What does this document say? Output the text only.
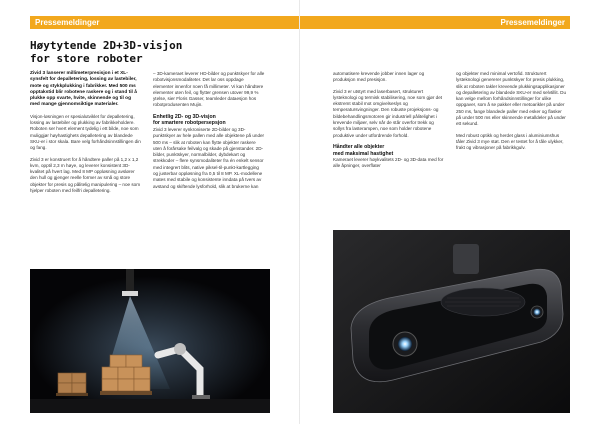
Pressemeldinger
Høytytende 2D+3D-visjon
for store roboter

Zivid 3 lanserer millimeterpresisjon i et XL-synsfelt for depalletering, lossing av lastebiler, mote og stykkplukking i fabrikker. Med 500 ms opptakstid blir robotene raskere og i stand til å plukke opp svarte, hvite, skinnende og til og med mange gjennomsiktige materialer.

Visjon-løsningen er spesialutviklet for depalletering, lossing av lastebiler og plukking av fabrikkeholdere. Roboten ser hvert element tydelig i ett bilde, noe som muliggjør høyhastighets depalletering av blandede SKU-er i stor skala. Bare velg forhåndsinnstillingen din og fang.

Zivid 3 er konstruert for å håndtere paller på 1,2 x 1,2 kvm, opptil 2,3 m høye, og leverer konsistent 3D-kvalitet på hvert lag. Med 8 MP oppløsning avslører den hull og gjenger reelle former av små og store objekter for presis og pålitelig manipulering – noe som hjelper roboten med feilfri depalletering.

– 3D-kameraet leverer HD-bilder og punktskyer for alle robotvisjonsmodaliteter. Det lar oss oppdage elementer innenfor noen få millimeter. Vi kan håndtere elementer uten feil, og flytter grensen utover 99,9 % ytelse, sier Floris Gasser, teamleder dataesjon hos robotprodusenten Mujin.

Enhetlig 2D- og 3D-visjon
for smartere robotpersepsjon

Zivid 3 leverer synkroniserte 2D-bilder og 3D-punktskyer av hele pallen med alle objektene på under 500 ms – slik at roboten kan flytte objekter raskere uten å forårsake feilvalg og skade på gjenstander. 2D-bilder, punktskyer, normalbilder, dybdekart og strekkoder – flere synsmodaliteter fra én enkelt sensor med integrert blits, native piksel-til-punkt-kartlegging og justerbar oppløsning fra 0,5 til 8 MP. XL-modellene mates med stabile og konsistente inndata på tvers av avstand og skiftende lysforhold, slik at brukerne kan

Pressemeldinger

automatisere krevende jobber innen lager og produksjon med presisjon.

Zivid 3 er utstyrt med laserbasert, strukturert lysteknologi og termisk stabilisering, noe som gjør det ekstremt stabil mot omgivelseslys og temperatursvingninger. Den robuste projeksjons- og bildebehandlingsmotoren gir industriell pålitelighet i krevende miljøer, selv når de står overfor trekk og sollys fra lasterampen, noe som holder robotene produktive under utfordrende forhold.

Håndter alle objekter
med maksimal hastighet

Kameraet leverer høykvalitets 2D- og 3D-data med for alle åpninger, overflater

og objekter med minimal vertofid. Strukturert lysteknologi genererer punktskyer for presis plukking, slik at roboten takler krevende plukkingsapplikasjoner og depalletering av blandede SKU-er med selvtillit. Du kan velge mellom forhåndsinnstillinger for ulike oppgaver, som å se pakker eller metoarikler på under 250 ms, fange blandede paller med esker og flasker på under 500 ms eller skinnende metalldeler på under ett sekund.

Med robust optikk og herdet glass i aluminiumshus tåler Zivid 3 mye støt. Den er testet for å tåle ulykker, frakt og vibrasjoner på fabrikkgulv.
